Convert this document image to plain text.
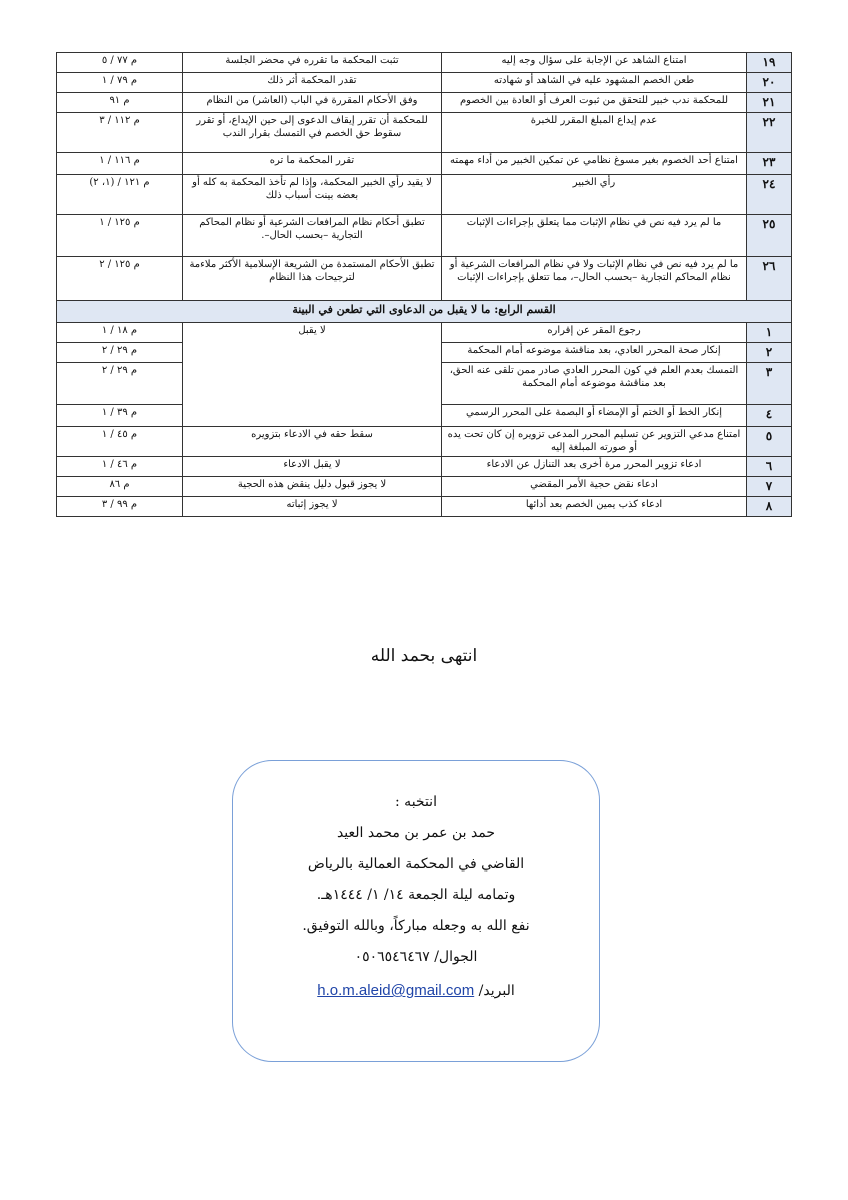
١٩	امتناع الشاهد عن الإجابة على سؤال وجه إليه	تثبت المحكمة ما تقرره في محضر الجلسة	م ٧٧ / ٥
٢٠	طعن الخصم المشهود عليه في الشاهد أو شهادته	تقدر المحكمة أثر ذلك	م ٧٩ / ١
٢١	للمحكمة ندب خبير للتحقق من ثبوت العرف أو العادة بين الخصوم	وفق الأحكام المقررة في الباب (العاشر) من النظام	م ٩١
٢٢	عدم إيداع المبلغ المقرر للخبرة	للمحكمة أن تقرر إيقاف الدعوى إلى حين الإيداع، أو تقرر سقوط حق الخصم في التمسك بقرار الندب	م ١١٢ / ٣
٢٣	امتناع أحد الخصوم بغير مسوغ نظامي عن تمكين الخبير من أداء مهمته	تقرر المحكمة ما تره	م ١١٦ / ١
٢٤	رأي الخبير	لا يقيد رأي الخبير المحكمة، وإذا لم تأخذ المحكمة به كله أو بعضه بينت أسباب ذلك	م ١٢١ / (١، ٢)
٢٥	ما لم يرد فيه نص في نظام الإثبات مما يتعلق بإجراءات الإثبات	تطبق أحكام نظام المرافعات الشرعية أو نظام المحاكم التجارية –بحسب الحال–.	م ١٢٥ / ١
٢٦	ما لم يرد فيه نص في نظام الإثبات ولا في نظام المرافعات الشرعية أو نظام المحاكم التجارية –بحسب الحال–، مما تتعلق بإجراءات الإثبات	تطبق الأحكام المستمدة من الشريعة الإسلامية الأكثر ملاءمة لترجيحات هذا النظام	م ١٢٥ / ٢
القسم الرابع: ما لا يقبل من الدعاوى التي تطعن في البينة			
١	رجوع المقر عن إقراره	لا يقبل	م ١٨ / ١
٢	إنكار صحة المحرر العادي، بعد مناقشة موضوعه أمام المحكمة		م ٢٩ / ٢
٣	التمسك بعدم العلم في كون المحرر العادي صادر ممن تلقى عنه الحق، بعد مناقشة موضوعه أمام المحكمة		م ٢٩ / ٢
٤	إنكار الخط أو الختم أو الإمضاء أو البصمة على المحرر الرسمي		م ٣٩ / ١
٥	امتناع مدعي التزوير عن تسليم المحرر المدعى تزويره إن كان تحت يده أو صورته المبلغة إليه	سقط حقه في الادعاء بتزويره	م ٤٥ / ١
٦	ادعاء تزوير المحرر مرة أخرى بعد التنازل عن الادعاء	لا يقبل الادعاء	م ٤٦ / ١
٧	ادعاء نقض حجية الأمر المقضي	لا يجوز قبول دليل ينقض هذه الحجية	م ٨٦
٨	ادعاء كذب يمين الخصم بعد أدائها	لا يجوز إثباته	م ٩٩ / ٣
انتهى بحمد الله
انتخبه :
حمد بن عمر بن محمد العيد
القاضي في المحكمة العمالية بالرياض
وتمامه ليلة الجمعة ١٤/ ١/ ١٤٤٤هـ.
نفع الله به وجعله مباركاً، وبالله التوفيق.
الجوال/ ٠٥٠٦٥٤٦٤٦٧
البريد/ h.o.m.aleid@gmail.com
